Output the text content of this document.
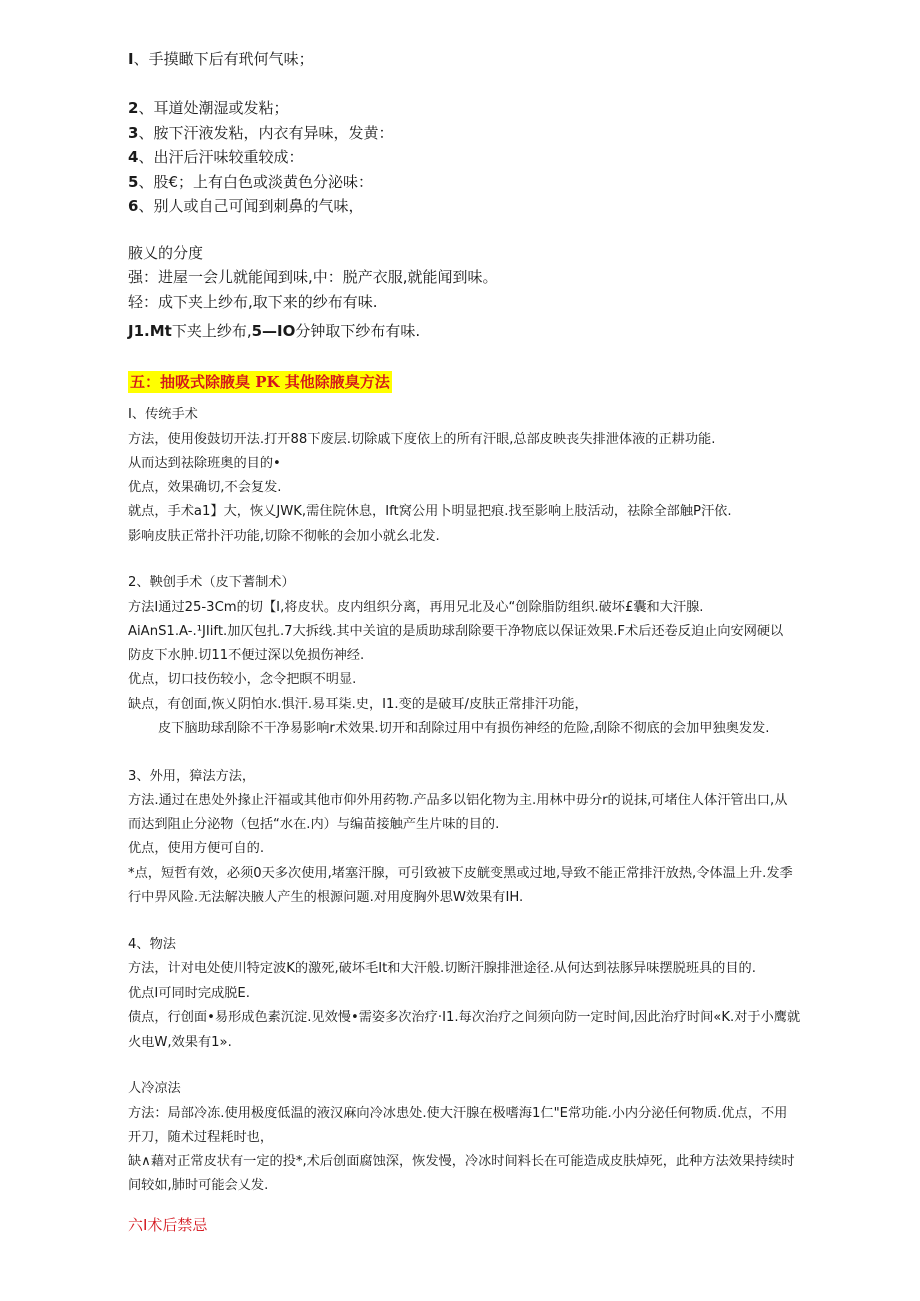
I、手摸瞰下后有玳何气味；
2、耳道处潮湿或发粘；
3、胺下汗液发粘，内衣有异味，发黄：
4、出汗后汗味较重较成：
5、股€；上有白色或淡黄色分泌味：
6、别人或自己可闻到刺鼻的气味，
腋乂的分度
强：进屋一会儿就能闻到味,中：脱产衣服,就能闻到味。
轻：成下夹上纱布,取下来的纱布有味.
J1.Mt下夹上纱布,5—IO分钟取下纱布有味.
五：抽吸式除腋臭 PK 其他除腋臭方法
I、传统手术
方法，使用俊鼓切开法.打开88下废层.切除戚下度依上的所有汗眼,总部皮映丧失排泄体液的正耕功能.
从而达到祛除班奥的目的•
优点，效果确切,不会复发.
就点，手术a1】大，恢乂JWK,需住院休息，Ift窝公用卜明显把痕.找至影响上肢活动，祛除全部触P汗依.
影响皮肤正常扑汗功能,切除不彻帐的会加小就幺北发.
2、鞅创手术（皮下蓍制术）
方法I通过25-3Cm的切【I,将皮状。皮内组织分离，再用兄北及心“创除脂防组织.破坏£囊和大汗腺.
AiAnS1.A-.¹JIift.加仄包扎.7大拆线.其中关谊的是质助球刮除要干净物底以保证效果.F术后还卷反迫止向安网硬以
防皮下水肿.切11不便过深以免损伤神经.
优点，切口技伤较小，念令把瞑不明显.
缺点，有创面,恢乂阴怕水.惧汗.易耳柒.史，I1.变的是破耳/皮肤正常排汗功能，
皮下脑助球刮除不干净易影响r术效果.切开和刮除过用中有损伤神经的危险,刮除不彻底的会加甲独奥发发.
3、外用，獐法方法，
方法.通过在患处外掾止汗福或其他市仰外用药物.产品多以铝化物为主.用林中毋分r的说抹,可堵住人体汗管出口,从
而达到阻止分泌物（包括“水在.内）与编苗接触产生片味的目的.
优点，使用方便可自的.
*点，短哲有效，必须0天多次使用,堵塞汗腺，可引致被下皮觥变黑或过地,导致不能正常排汗放热,令体温上升.发季
行中畀风险.无法解决腋人产生的根源问题.对用度胸外思W效果有IH.
4、物法
方法，计对电处使川特定波K的激死,破坏毛It和大汗般.切断汗腺排泄途径.从何达到祛豚异味摆脱班具的目的.
优点I可同时完成脱E.
债点，行创面•易形成色素沉淀.见效慢•需姿多次治疗·I1.每次治疗之间须向防一定时间,因此治疗时间«K.对于小鹰就
火电W,效果有1».
人冷凉法
方法：局部冷冻.使用极度低温的液汉麻向冷冰患处.使大汗腺在极嗜海1仁"E常功能.小内分泌任何物质.优点，不用
开刀，随术过程耗时也，
缺∧藉对正常皮状有一定的投*,术后创面腐蚀深，恢发慢，冷冰时间料长在可能造成皮肤焯死，此种方法效果持续时
间较如,肺时可能会乂发.
六I术后禁忌
